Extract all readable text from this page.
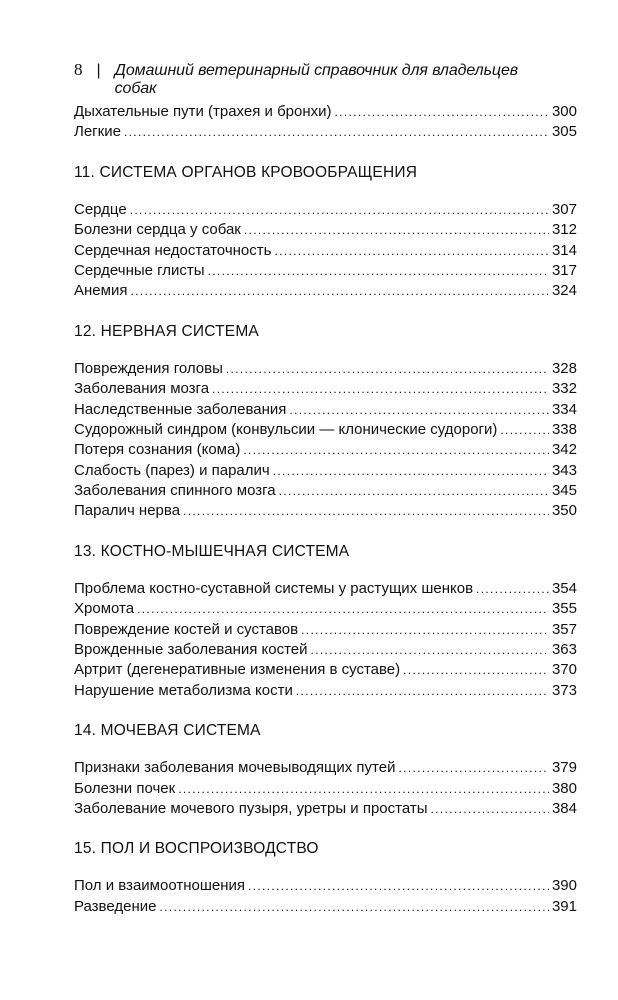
8 | Домашний ветеринарный справочник для владельцев собак
Дыхательные пути (трахея и бронхи) . . .	300
Легкие . . .	305
11. СИСТЕМА ОРГАНОВ КРОВООБРАЩЕНИЯ
Сердце . . .	307
Болезни сердца у собак . . .	312
Сердечная недостаточность . . .	314
Сердечные глисты . . .	317
Анемия . . .	324
12. НЕРВНАЯ СИСТЕМА
Повреждения головы . . .	328
Заболевания мозга . . .	332
Наследственные заболевания . . .	334
Судорожный синдром (конвульсии — клонические судороги) . . .	338
Потеря сознания (кома) . . .	342
Слабость (парез) и паралич . . .	343
Заболевания спинного мозга . . .	345
Паралич нерва . . .	350
13. КОСТНО-МЫШЕЧНАЯ СИСТЕМА
Проблема костно-суставной системы у растущих шенков . . .	354
Хромота . . .	355
Повреждение костей и суставов . . .	357
Врожденные заболевания костей . . .	363
Артрит (дегенеративные изменения в суставе) . . .	370
Нарушение метаболизма кости . . .	373
14. МОЧЕВАЯ СИСТЕМА
Признаки заболевания мочевыводящих путей . . .	379
Болезни почек . . .	380
Заболевание мочевого пузыря, уретры и простаты . . .	384
15. ПОЛ И ВОСПРОИЗВОДСТВО
Пол и взаимоотношения . . .	390
Разведение . . .	391
